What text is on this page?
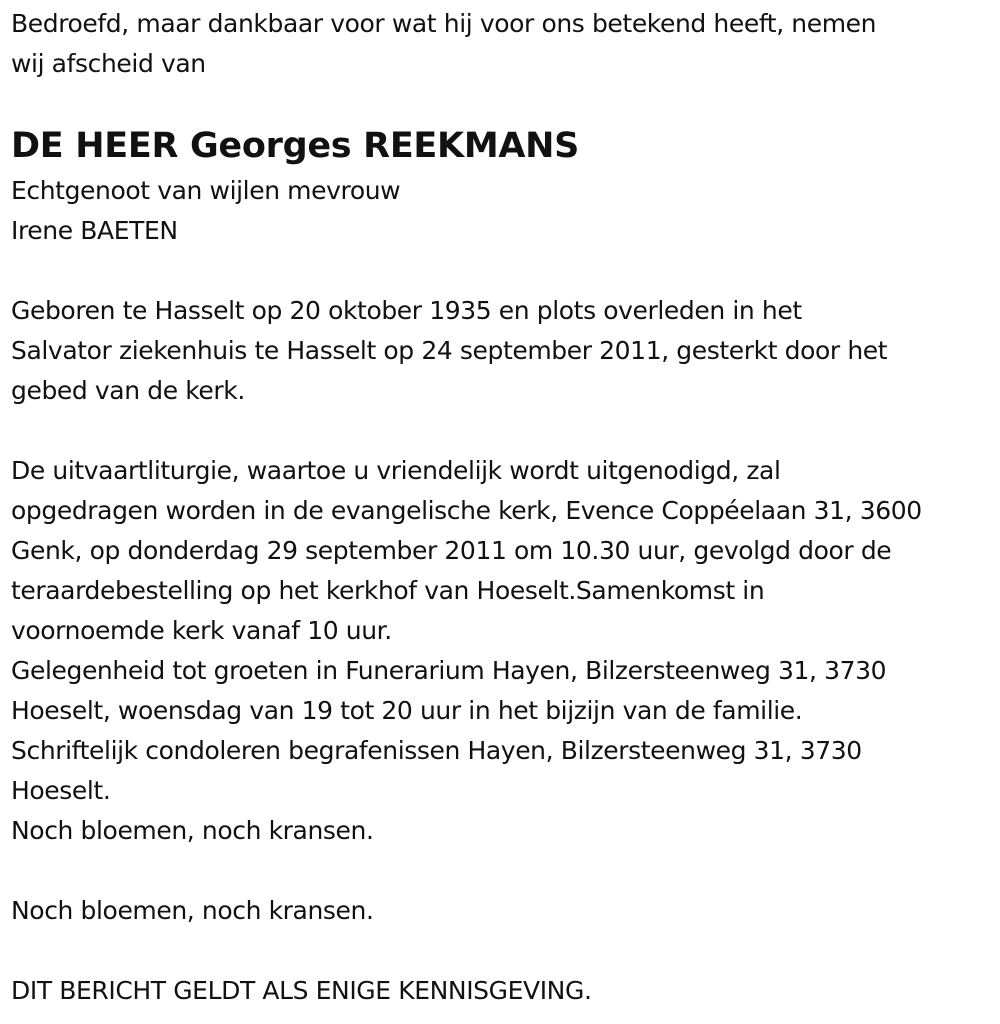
Bedroefd, maar dankbaar voor wat hij voor ons betekend heeft, nemen
wij afscheid van
DE HEER Georges REEKMANS
Echtgenoot van wijlen mevrouw
Irene BAETEN
Geboren te Hasselt op 20 oktober 1935 en plots overleden in het
Salvator ziekenhuis te Hasselt op 24 september 2011, gesterkt door het
gebed van de kerk.
De uitvaartliturgie, waartoe u vriendelijk wordt uitgenodigd, zal
opgedragen worden in de evangelische kerk, Evence Coppéelaan 31, 3600
Genk, op donderdag 29 september 2011 om 10.30 uur, gevolgd door de
teraardebestelling op het kerkhof van Hoeselt.Samenkomst in
voornoemde kerk vanaf 10 uur.
Gelegenheid tot groeten in Funerarium Hayen, Bilzersteenweg 31, 3730
Hoeselt, woensdag van 19 tot 20 uur in het bijzijn van de familie.
Schriftelijk condoleren begrafenissen Hayen, Bilzersteenweg 31, 3730
Hoeselt.
Noch bloemen, noch kransen.
Noch bloemen, noch kransen.
DIT BERICHT GELDT ALS ENIGE KENNISGEVING.
